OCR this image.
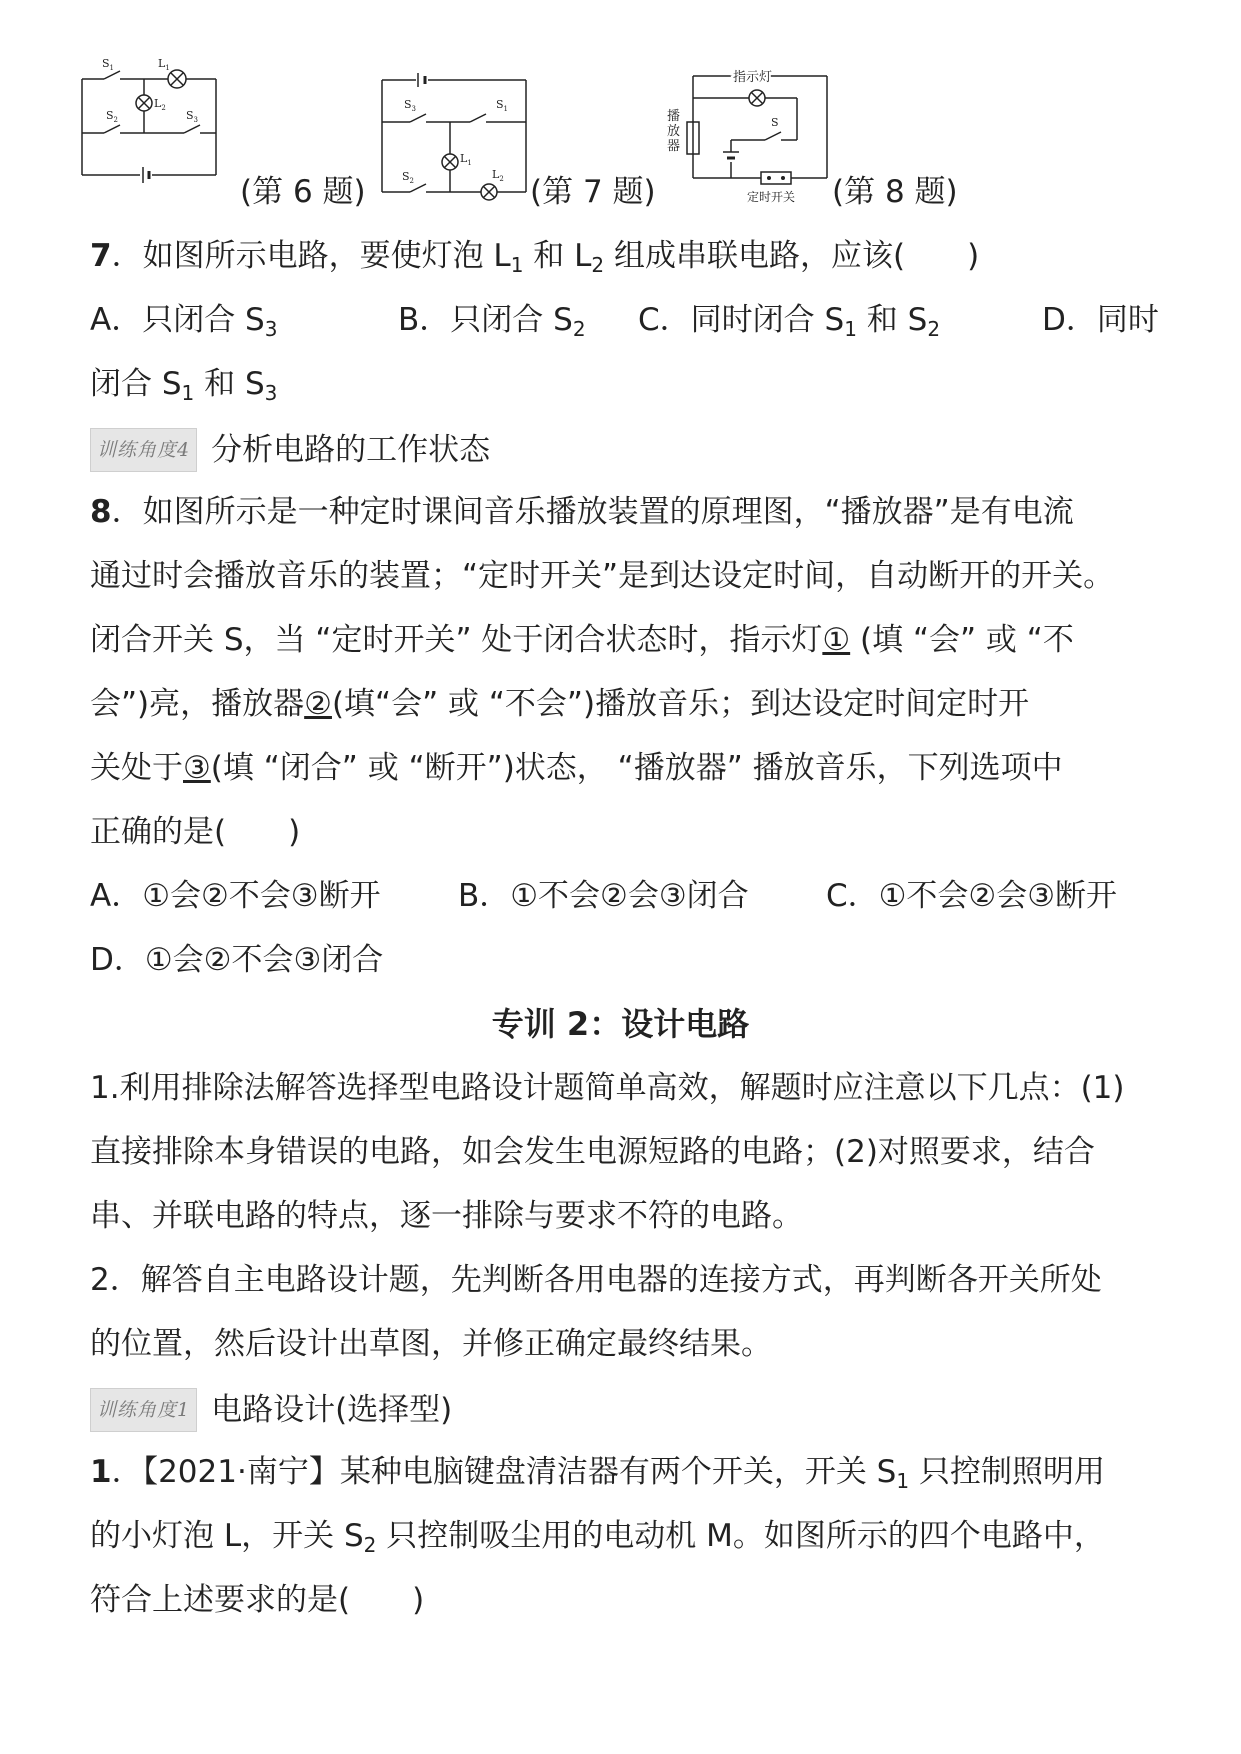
$S_1$	$L_1$
$L_2$
$S_2$	$S_3$
(第 6 题)
$S_3$	$S_1$
$L_1$
$S_2$	$L_2$ (第 7 题)
指示灯
播
放
器
S
定时开关 (第 8 题)
7．如图所示电路，要使灯泡 $L_1$ 和 $L_2$ 组成串联电路，应该(　　)
A．只闭合 $S_3$	B．只闭合 $S_2$ C．同时闭合 $S_1$ 和 $S_2$	D．同时
闭合 $S_1$ 和 $S_3$
训练角度4 分析电路的工作状态
8．如图所示是一种定时课间音乐播放装置的原理图，“播放器”是有电流
通过时会播放音乐的装置；“定时开关”是到达设定时间，自动断开的开关。
闭合开关 S，当 “定时开关” 处于闭合状态时，指示灯① (填 “会” 或 “不
会”)亮，播放器②(填“会” 或 “不会”)播放音乐；到达设定时间定时开
关处于③(填 “闭合” 或 “断开”)状态， “播放器” 播放音乐，下列选项中
正确的是(　　)
A．①会②不会③断开 B．①不会②会③闭合 C．①不会②会③断开
D．①会②不会③闭合
专训 2：设计电路
1.利用排除法解答选择型电路设计题简单高效，解题时应注意以下几点：(1)
直接排除本身错误的电路，如会发生电源短路的电路；(2)对照要求，结合
串、并联电路的特点，逐一排除与要求不符的电路。
2．解答自主电路设计题，先判断各用电器的连接方式，再判断各开关所处
的位置，然后设计出草图，并修正确定最终结果。
训练角度1 电路设计(选择型)
1．【2021·南宁】某种电脑键盘清洁器有两个开关，开关 $S_1$ 只控制照明用
的小灯泡 L，开关 $S_2$ 只控制吸尘用的电动机 M。如图所示的四个电路中，
符合上述要求的是(　　)
